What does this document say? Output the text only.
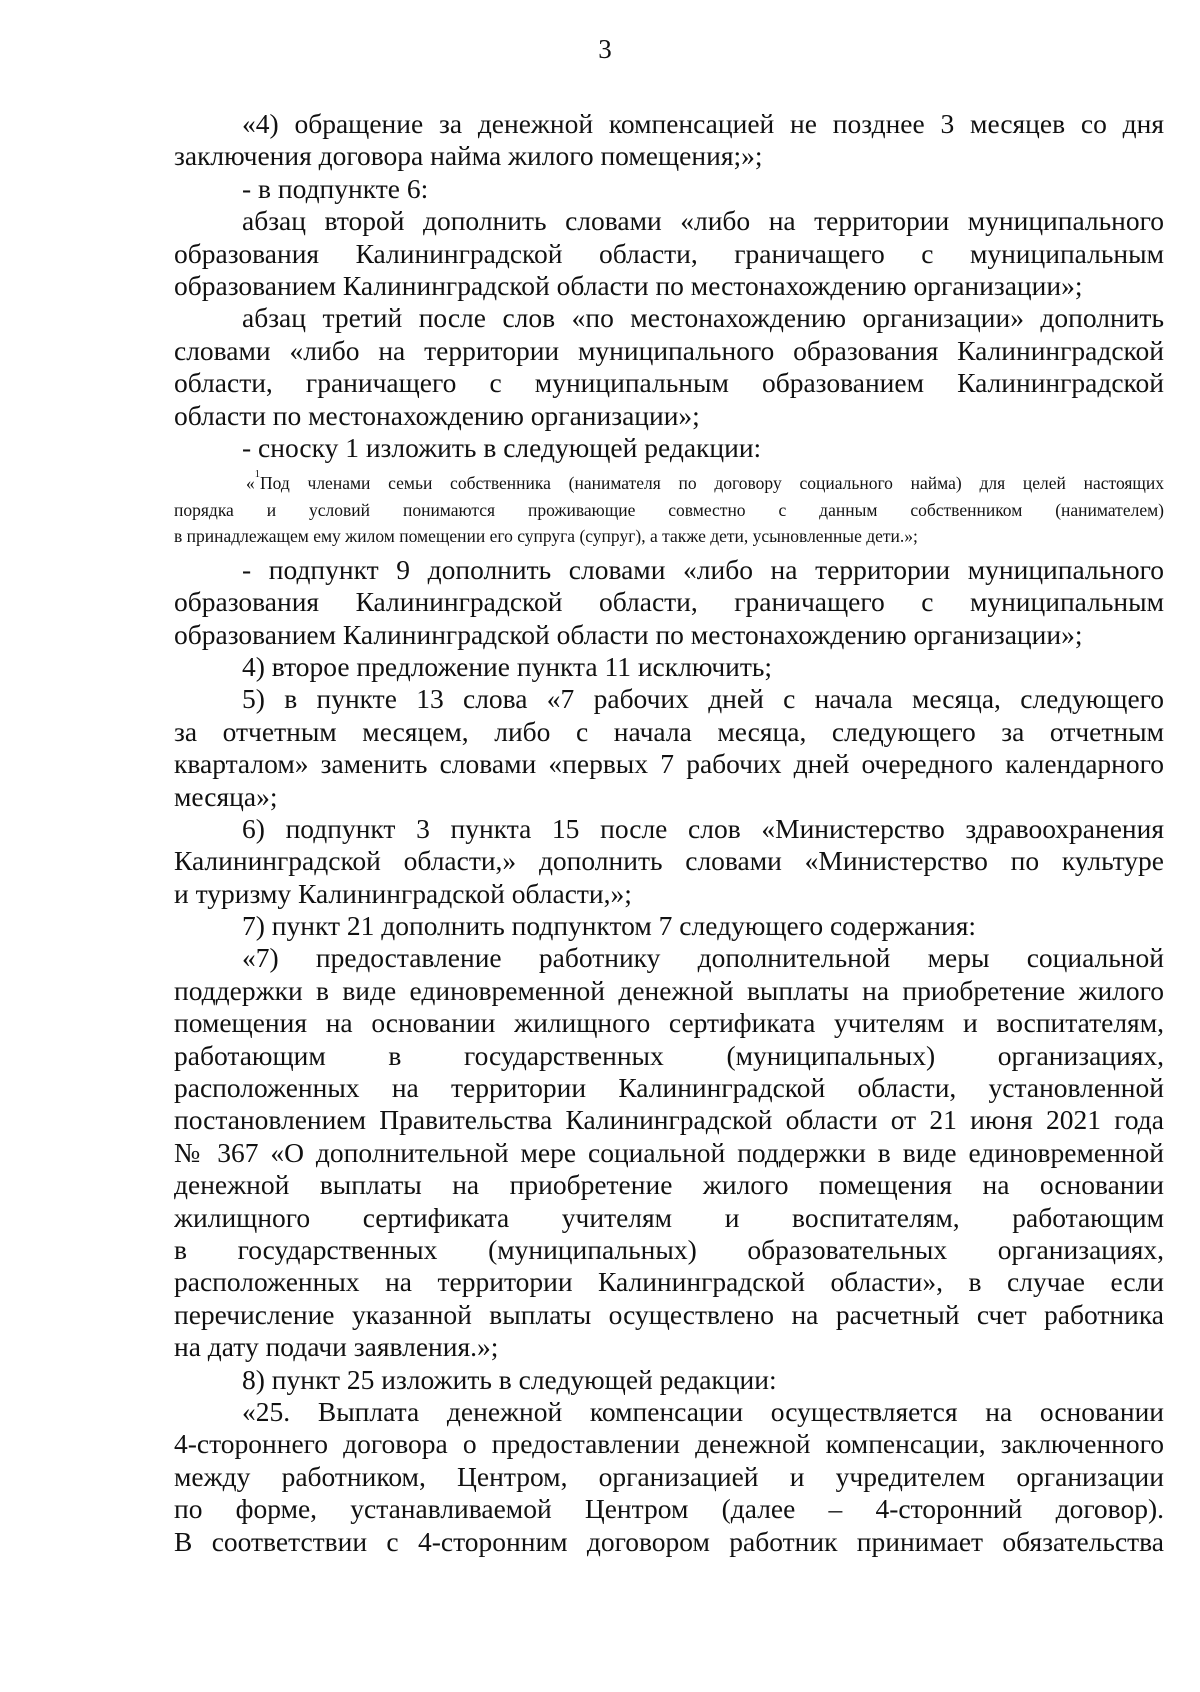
3
«4) обращение за денежной компенсацией не позднее 3 месяцев со дня
заключения договора найма жилого помещения;»;
- в подпункте 6:
абзац второй дополнить словами «либо на территории муниципального
образования Калининградской области, граничащего с муниципальным
образованием Калининградской области по местонахождению организации»;
абзац третий после слов «по местонахождению организации» дополнить
словами «либо на территории муниципального образования Калининградской
области, граничащего с муниципальным образованием Калининградской
области по местонахождению организации»;
- сноску 1 изложить в следующей редакции:
«$^1$Под членами семьи собственника (нанимателя по договору социального найма) для целей настоящих
порядка и условий понимаются проживающие совместно с данным собственником (нанимателем)
в принадлежащем ему жилом помещении его супруга (супруг), а также дети, усыновленные дети.»;
- подпункт 9 дополнить словами «либо на территории муниципального
образования Калининградской области, граничащего с муниципальным
образованием Калининградской области по местонахождению организации»;
4) второе предложение пункта 11 исключить;
5) в пункте 13 слова «7 рабочих дней с начала месяца, следующего
за отчетным месяцем, либо с начала месяца, следующего за отчетным
кварталом» заменить словами «первых 7 рабочих дней очередного календарного
месяца»;
6) подпункт 3 пункта 15 после слов «Министерство здравоохранения
Калининградской области,» дополнить словами «Министерство по культуре
и туризму Калининградской области,»;
7) пункт 21 дополнить подпунктом 7 следующего содержания:
«7) предоставление работнику дополнительной меры социальной
поддержки в виде единовременной денежной выплаты на приобретение жилого
помещения на основании жилищного сертификата учителям и воспитателям,
работающим в государственных (муниципальных) организациях,
расположенных на территории Калининградской области, установленной
постановлением Правительства Калининградской области от 21 июня 2021 года
№ 367 «О дополнительной мере социальной поддержки в виде единовременной
денежной выплаты на приобретение жилого помещения на основании
жилищного сертификата учителям и воспитателям, работающим
в государственных (муниципальных) образовательных организациях,
расположенных на территории Калининградской области», в случае если
перечисление указанной выплаты осуществлено на расчетный счет работника
на дату подачи заявления.»;
8) пункт 25 изложить в следующей редакции:
«25. Выплата денежной компенсации осуществляется на основании
4-стороннего договора о предоставлении денежной компенсации, заключенного
между работником, Центром, организацией и учредителем организации
по форме, устанавливаемой Центром (далее – 4-сторонний договор).
В соответствии с 4-сторонним договором работник принимает обязательства
